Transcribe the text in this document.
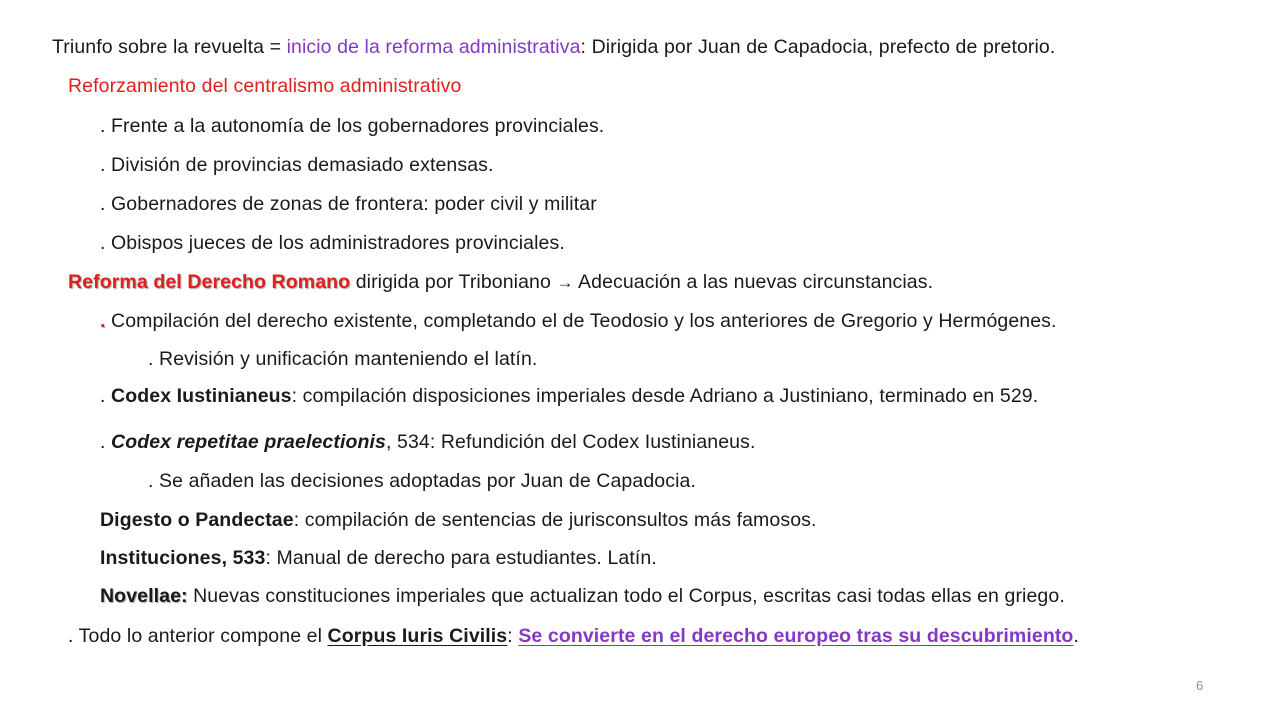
Triunfo sobre la revuelta = inicio de la reforma administrativa: Dirigida por Juan de Capadocia, prefecto de pretorio.
Reforzamiento del centralismo administrativo
. Frente a la autonomía de los gobernadores provinciales.
. División de provincias demasiado extensas.
. Gobernadores de zonas de frontera: poder civil y militar
. Obispos jueces de los administradores provinciales.
Reforma del Derecho Romano dirigida por Triboniano → Adecuación a las nuevas circunstancias.
. Compilación del derecho existente, completando el de Teodosio y los anteriores de Gregorio y Hermógenes.
. Revisión y unificación manteniendo el latín.
. Codex Iustinianeus: compilación disposiciones imperiales desde Adriano a Justiniano, terminado en 529.
. Codex repetitae praelectionis, 534: Refundición del Codex Iustinianeus.
. Se añaden las decisiones adoptadas por Juan de Capadocia.
Digesto o Pandectae: compilación de sentencias de jurisconsultos más famosos.
Instituciones, 533: Manual de derecho para estudiantes. Latín.
Novellae: Nuevas constituciones imperiales que actualizan todo el Corpus, escritas casi todas ellas en griego.
. Todo lo anterior compone el Corpus Iuris Civilis: Se convierte en el derecho europeo tras su descubrimiento.
6
